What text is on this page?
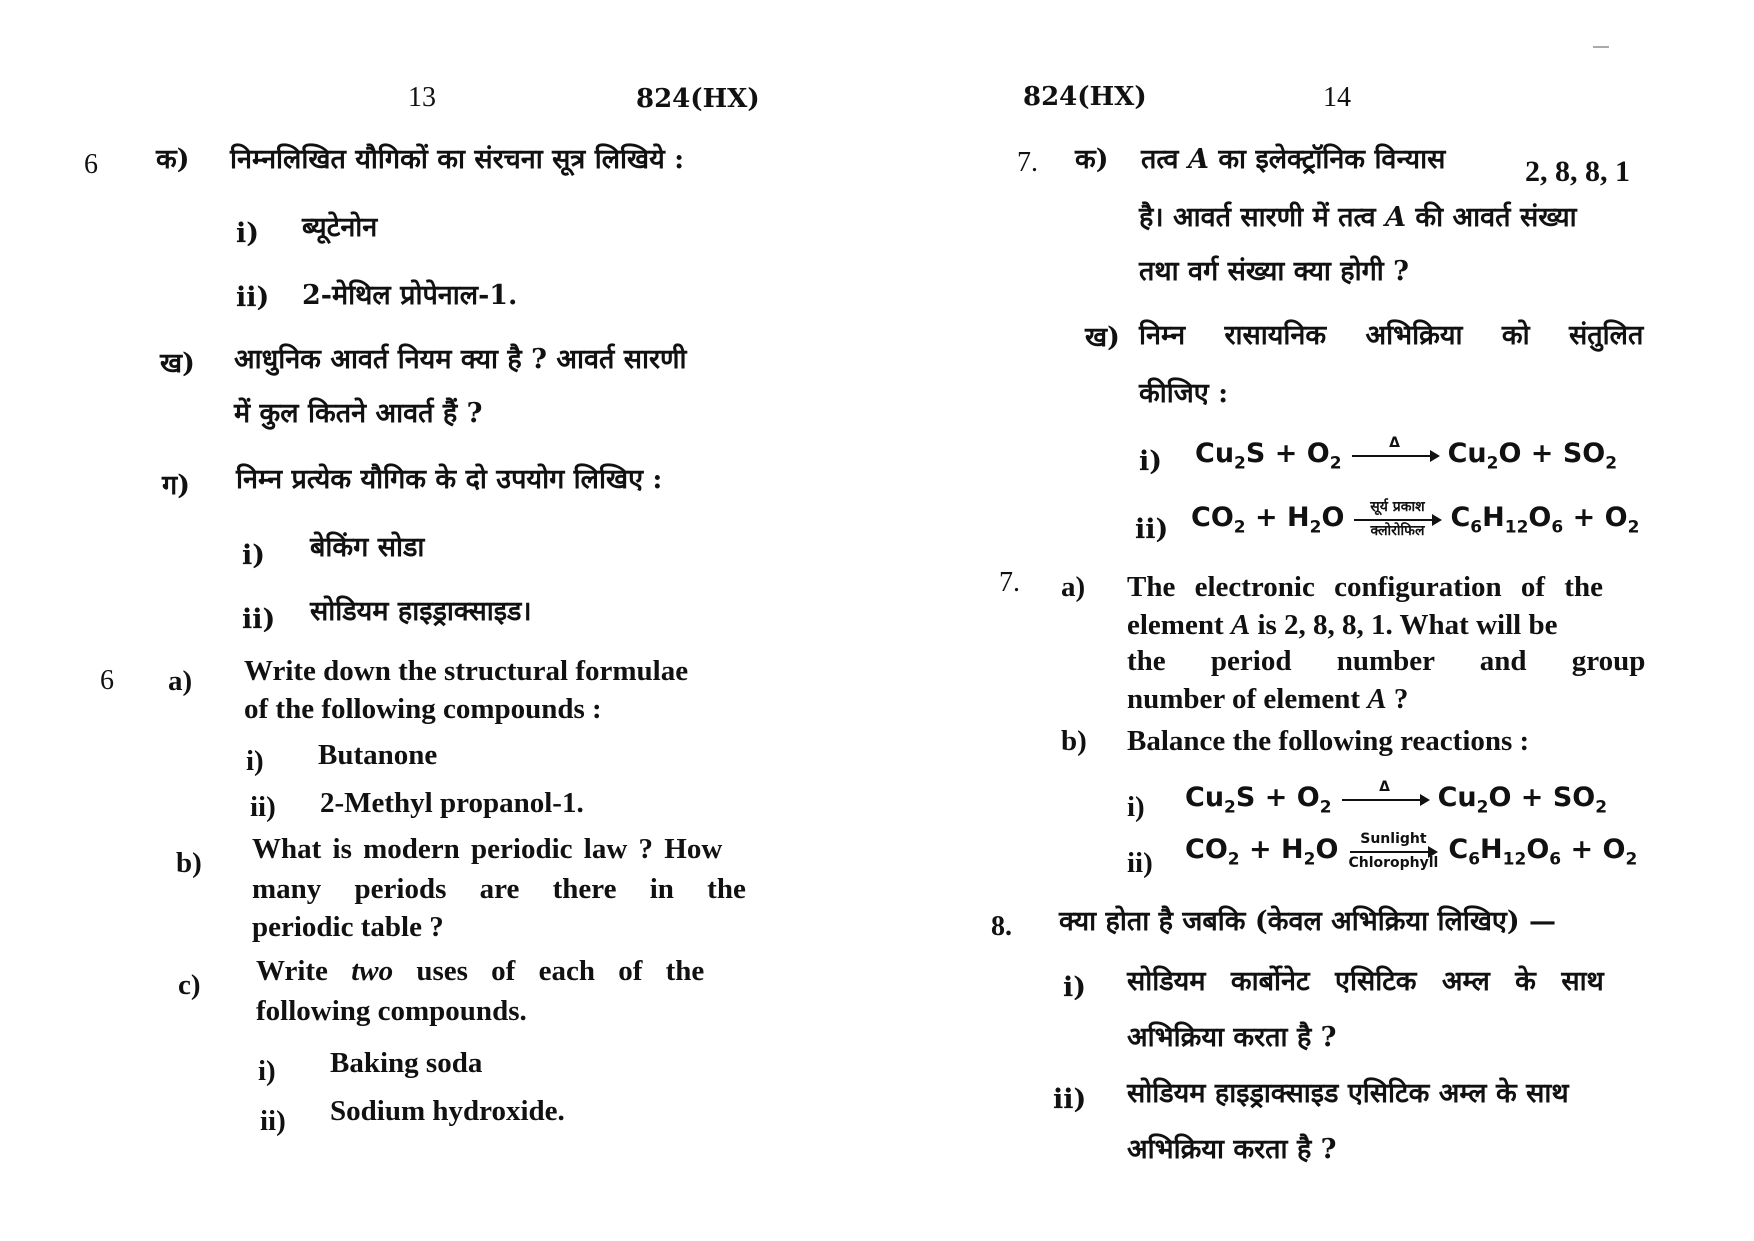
13	824(HX)
6 क) निम्नलिखित यौगिकों का संरचना सूत्र लिखिये :
i) ब्यूटेनोन
ii) 2-मेथिल प्रोपेनाल-1.
ख) आधुनिक आवर्त नियम क्या है ? आवर्त सारणी
में कुल कितने आवर्त हैं ?
ग) निम्न प्रत्येक यौगिक के दो उपयोग लिखिए :
i) बेकिंग सोडा
ii) सोडियम हाइड्राक्साइड।
6 a) Write down the structural formulae
of the following compounds :
i) Butanone
ii) 2-Methyl propanol-1.
b) What is modern periodic law ? How
many periods are there in the
periodic table ?
c) Write two uses of each of the
following compounds.
i) Baking soda
ii) Sodium hydroxide.
824(HX)	14
7. क) तत्व A का इलेक्ट्रॉनिक विन्यास	2, 8, 8, 1
है। आवर्त सारणी में तत्व A की आवर्त संख्या
तथा वर्ग संख्या क्या होगी ?
ख) निम्न रासायनिक अभिक्रिया को संतुलित
कीजिए :
i) $Cu_2S + O_2$
Δ $Cu_2O + SO_2$
ii) $CO_2 + H_2O$ सूर्य प्रकाश
क्लोरोफिल $C_6H_{12}O_6 + O_2$
7. a) The electronic configuration of the
element A is 2, 8, 8, 1. What will be
the period number and group
number of element A ?
b) Balance the following reactions :
i) $Cu_2S + O_2$
Δ $Cu_2O + SO_2$
ii) $CO_2 + H_2O$ Sunlight
Chlorophyll $C_6H_{12}O_6 + O_2$
8. क्या होता है जबकि (केवल अभिक्रिया लिखिए) —
i) सोडियम कार्बोनेट एसिटिक अम्ल के साथ
अभिक्रिया करता है ?
ii) सोडियम हाइड्राक्साइड एसिटिक अम्ल के साथ
अभिक्रिया करता है ?
